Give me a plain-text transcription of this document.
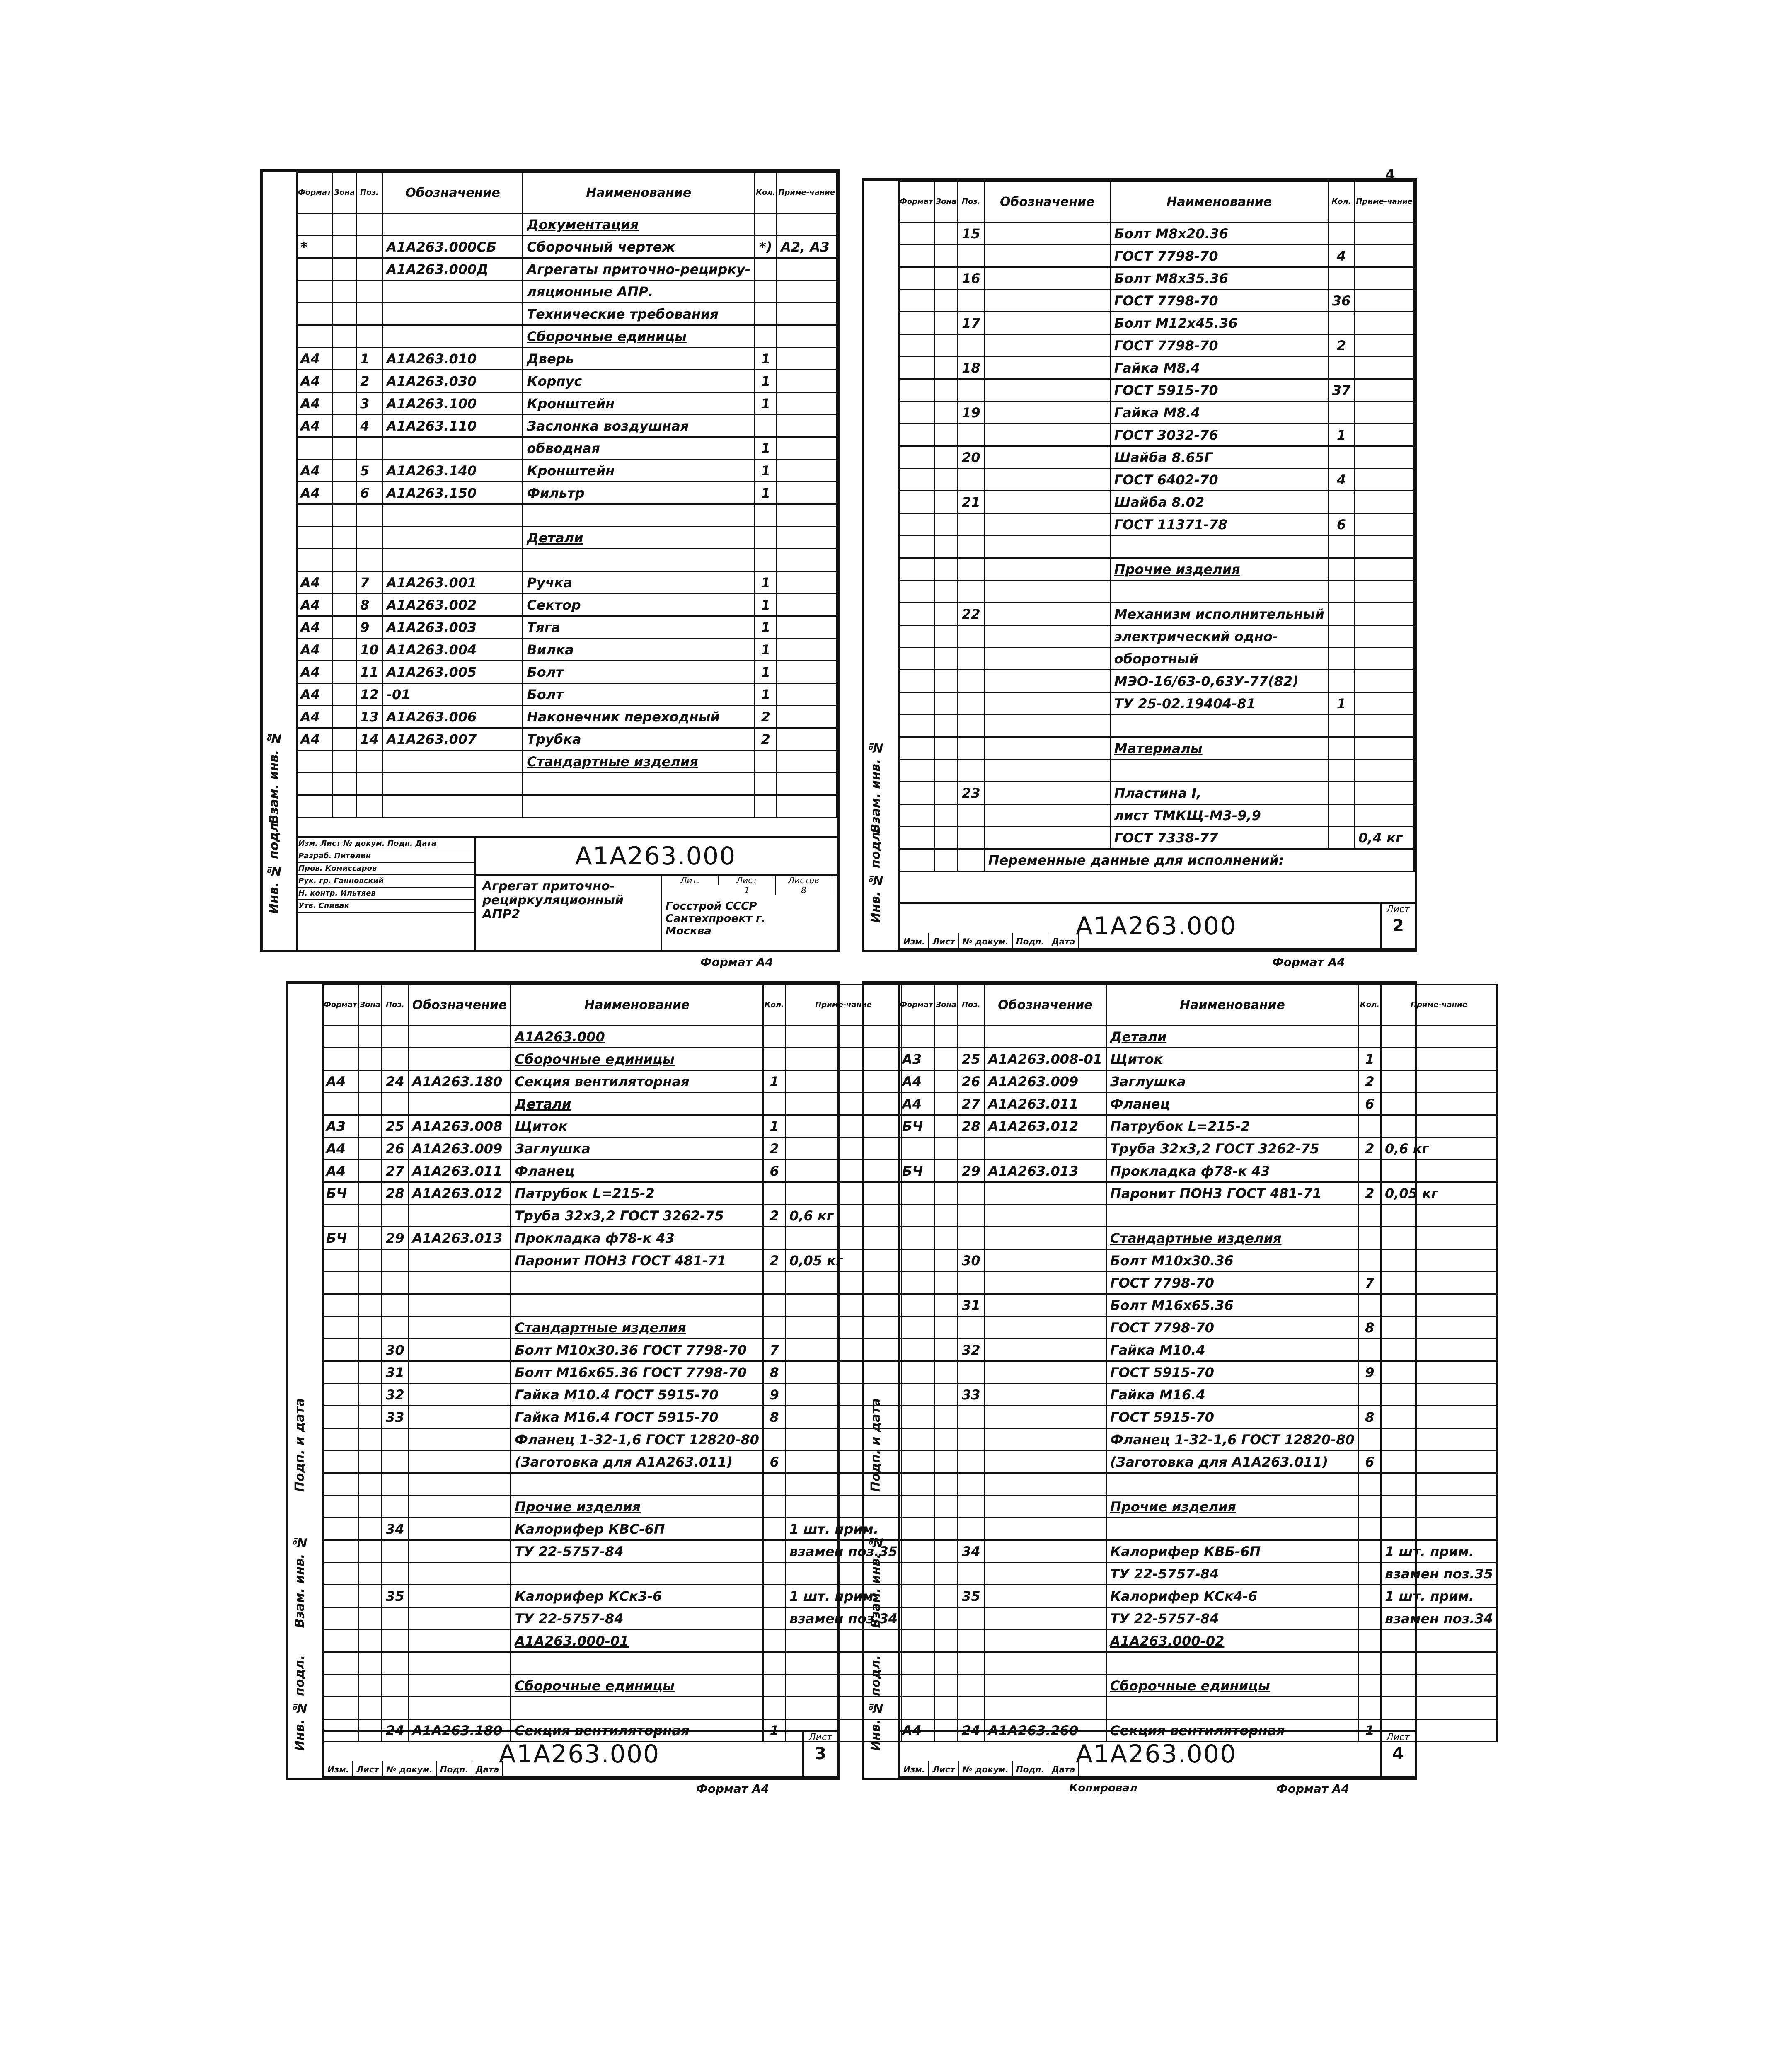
4
Взам. инв. №
Инв. № подл.
Формат	Зона	Поз.	Обозначение	Наименование	Кол.	Приме-чание
				Документация		
*			А1А263.000СБ	Сборочный чертеж	*)	А2, А3
			А1А263.000Д	Агрегаты приточно-рецирку-		
				ляционные АПР.		
				Технические требования		
				Сборочные единицы		
А4		1	А1А263.010	Дверь	1	
А4		2	А1А263.030	Корпус	1	
А4		3	А1А263.100	Кронштейн	1	
А4		4	А1А263.110	Заслонка воздушная		
				обводная	1	
А4		5	А1А263.140	Кронштейн	1	
А4		6	А1А263.150	Фильтр	1	

				Детали		

А4		7	А1А263.001	Ручка	1	
А4		8	А1А263.002	Сектор	1	
А4		9	А1А263.003	Тяга	1	
А4		10	А1А263.004	Вилка	1	
А4		11	А1А263.005	Болт	1	
А4		12	-01	Болт	1	
А4		13	А1А263.006	Наконечник переходный	2	
А4		14	А1А263.007	Трубка	2	
				Стандартные изделия		

Изм. Лист № докум. Подп. Дата
Разраб. Пителин
Пров. Комиссаров
Рук. гр. Ганновский
Н. контр. Ильтяев
Утв. Спивак
А1А263.000
Агрегат приточно-рециркуляционный АПР2
Лит.	Лист	Листов
1	8
Госстрой СССР Сантехпроект г. Москва
Формат А4
Взам. инв. №
Инв. № подл.
Формат	Зона	Поз.	Обозначение	Наименование	Кол.	Приме-чание
		15		Болт М8х20.36		
				ГОСТ 7798-70	4	
		16		Болт М8х35.36		
				ГОСТ 7798-70	36	
		17		Болт М12х45.36		
				ГОСТ 7798-70	2	
		18		Гайка М8.4		
				ГОСТ 5915-70	37	
		19		Гайка М8.4		
				ГОСТ 3032-76	1	
		20		Шайба 8.65Г		
				ГОСТ 6402-70	4	
		21		Шайба 8.02		
				ГОСТ 11371-78	6	

				Прочие изделия		

		22		Механизм исполнительный		
				электрический одно-		
				оборотный		
				МЭО-16/63-0,63У-77(82)		
				ТУ 25-02.19404-81	1	

				Материалы		

		23		Пластина I,		
				лист ТМКЩ-М3-9,9		
				ГОСТ 7338-77		0,4 кг
			Переменные данные для исполнений:			
А1А263.000
Изм. Лист № докум. Подп. Дата
Лист
2
Формат А4
Подп. и дата
Взам. инв. №
Инв. № подл.
Формат	Зона	Поз.	Обозначение	Наименование	Кол.	Приме-чание
				А1А263.000		
				Сборочные единицы		
А4		24	А1А263.180	Секция вентиляторная	1	
				Детали		
А3		25	А1А263.008	Щиток	1	
А4		26	А1А263.009	Заглушка	2	
А4		27	А1А263.011	Фланец	6	
БЧ		28	А1А263.012	Патрубок L=215-2		
				Труба 32х3,2 ГОСТ 3262-75	2	0,6 кг
БЧ		29	А1А263.013	Прокладка ф78-к 43		
				Паронит ПОН3 ГОСТ 481-71	2	0,05 кг

				Стандартные изделия		
		30		Болт М10х30.36 ГОСТ 7798-70	7	
		31		Болт М16х65.36 ГОСТ 7798-70	8	
		32		Гайка М10.4 ГОСТ 5915-70	9	
		33		Гайка М16.4 ГОСТ 5915-70	8	
				Фланец 1-32-1,6 ГОСТ 12820-80		
				(Заготовка для А1А263.011)	6	

				Прочие изделия		
		34		Калорифер КВС-6П		1 шт. прим.
				ТУ 22-5757-84		взамен поз.35

		35		Калорифер КСк3-6		1 шт. прим.
				ТУ 22-5757-84		взамен поз.34
				А1А263.000-01		

				Сборочные единицы		

		24	А1А263.180	Секция вентиляторная	1	
А1А263.000
Изм. Лист № докум. Подп. Дата
Лист
3
Формат А4
Подп. и дата
Взам. инв. №
Инв. № подл.
Формат	Зона	Поз.	Обозначение	Наименование	Кол.	Приме-чание
				Детали		
А3		25	А1А263.008-01	Щиток	1	
А4		26	А1А263.009	Заглушка	2	
А4		27	А1А263.011	Фланец	6	
БЧ		28	А1А263.012	Патрубок L=215-2		
				Труба 32х3,2 ГОСТ 3262-75	2	0,6 кг
БЧ		29	А1А263.013	Прокладка ф78-к 43		
				Паронит ПОН3 ГОСТ 481-71	2	0,05 кг

				Стандартные изделия		
		30		Болт М10х30.36		
				ГОСТ 7798-70	7	
		31		Болт М16х65.36		
				ГОСТ 7798-70	8	
		32		Гайка М10.4		
				ГОСТ 5915-70	9	
		33		Гайка М16.4		
				ГОСТ 5915-70	8	
				Фланец 1-32-1,6 ГОСТ 12820-80		
				(Заготовка для А1А263.011)	6	

				Прочие изделия		

		34		Калорифер КВБ-6П		1 шт. прим.
				ТУ 22-5757-84		взамен поз.35
		35		Калорифер КСк4-6		1 шт. прим.
				ТУ 22-5757-84		взамен поз.34
				А1А263.000-02		

				Сборочные единицы		

А4		24	А1А263.260	Секция вентиляторная	1	
А1А263.000
Изм. Лист № докум. Подп. Дата
Лист
4
Копировал	Формат А4
